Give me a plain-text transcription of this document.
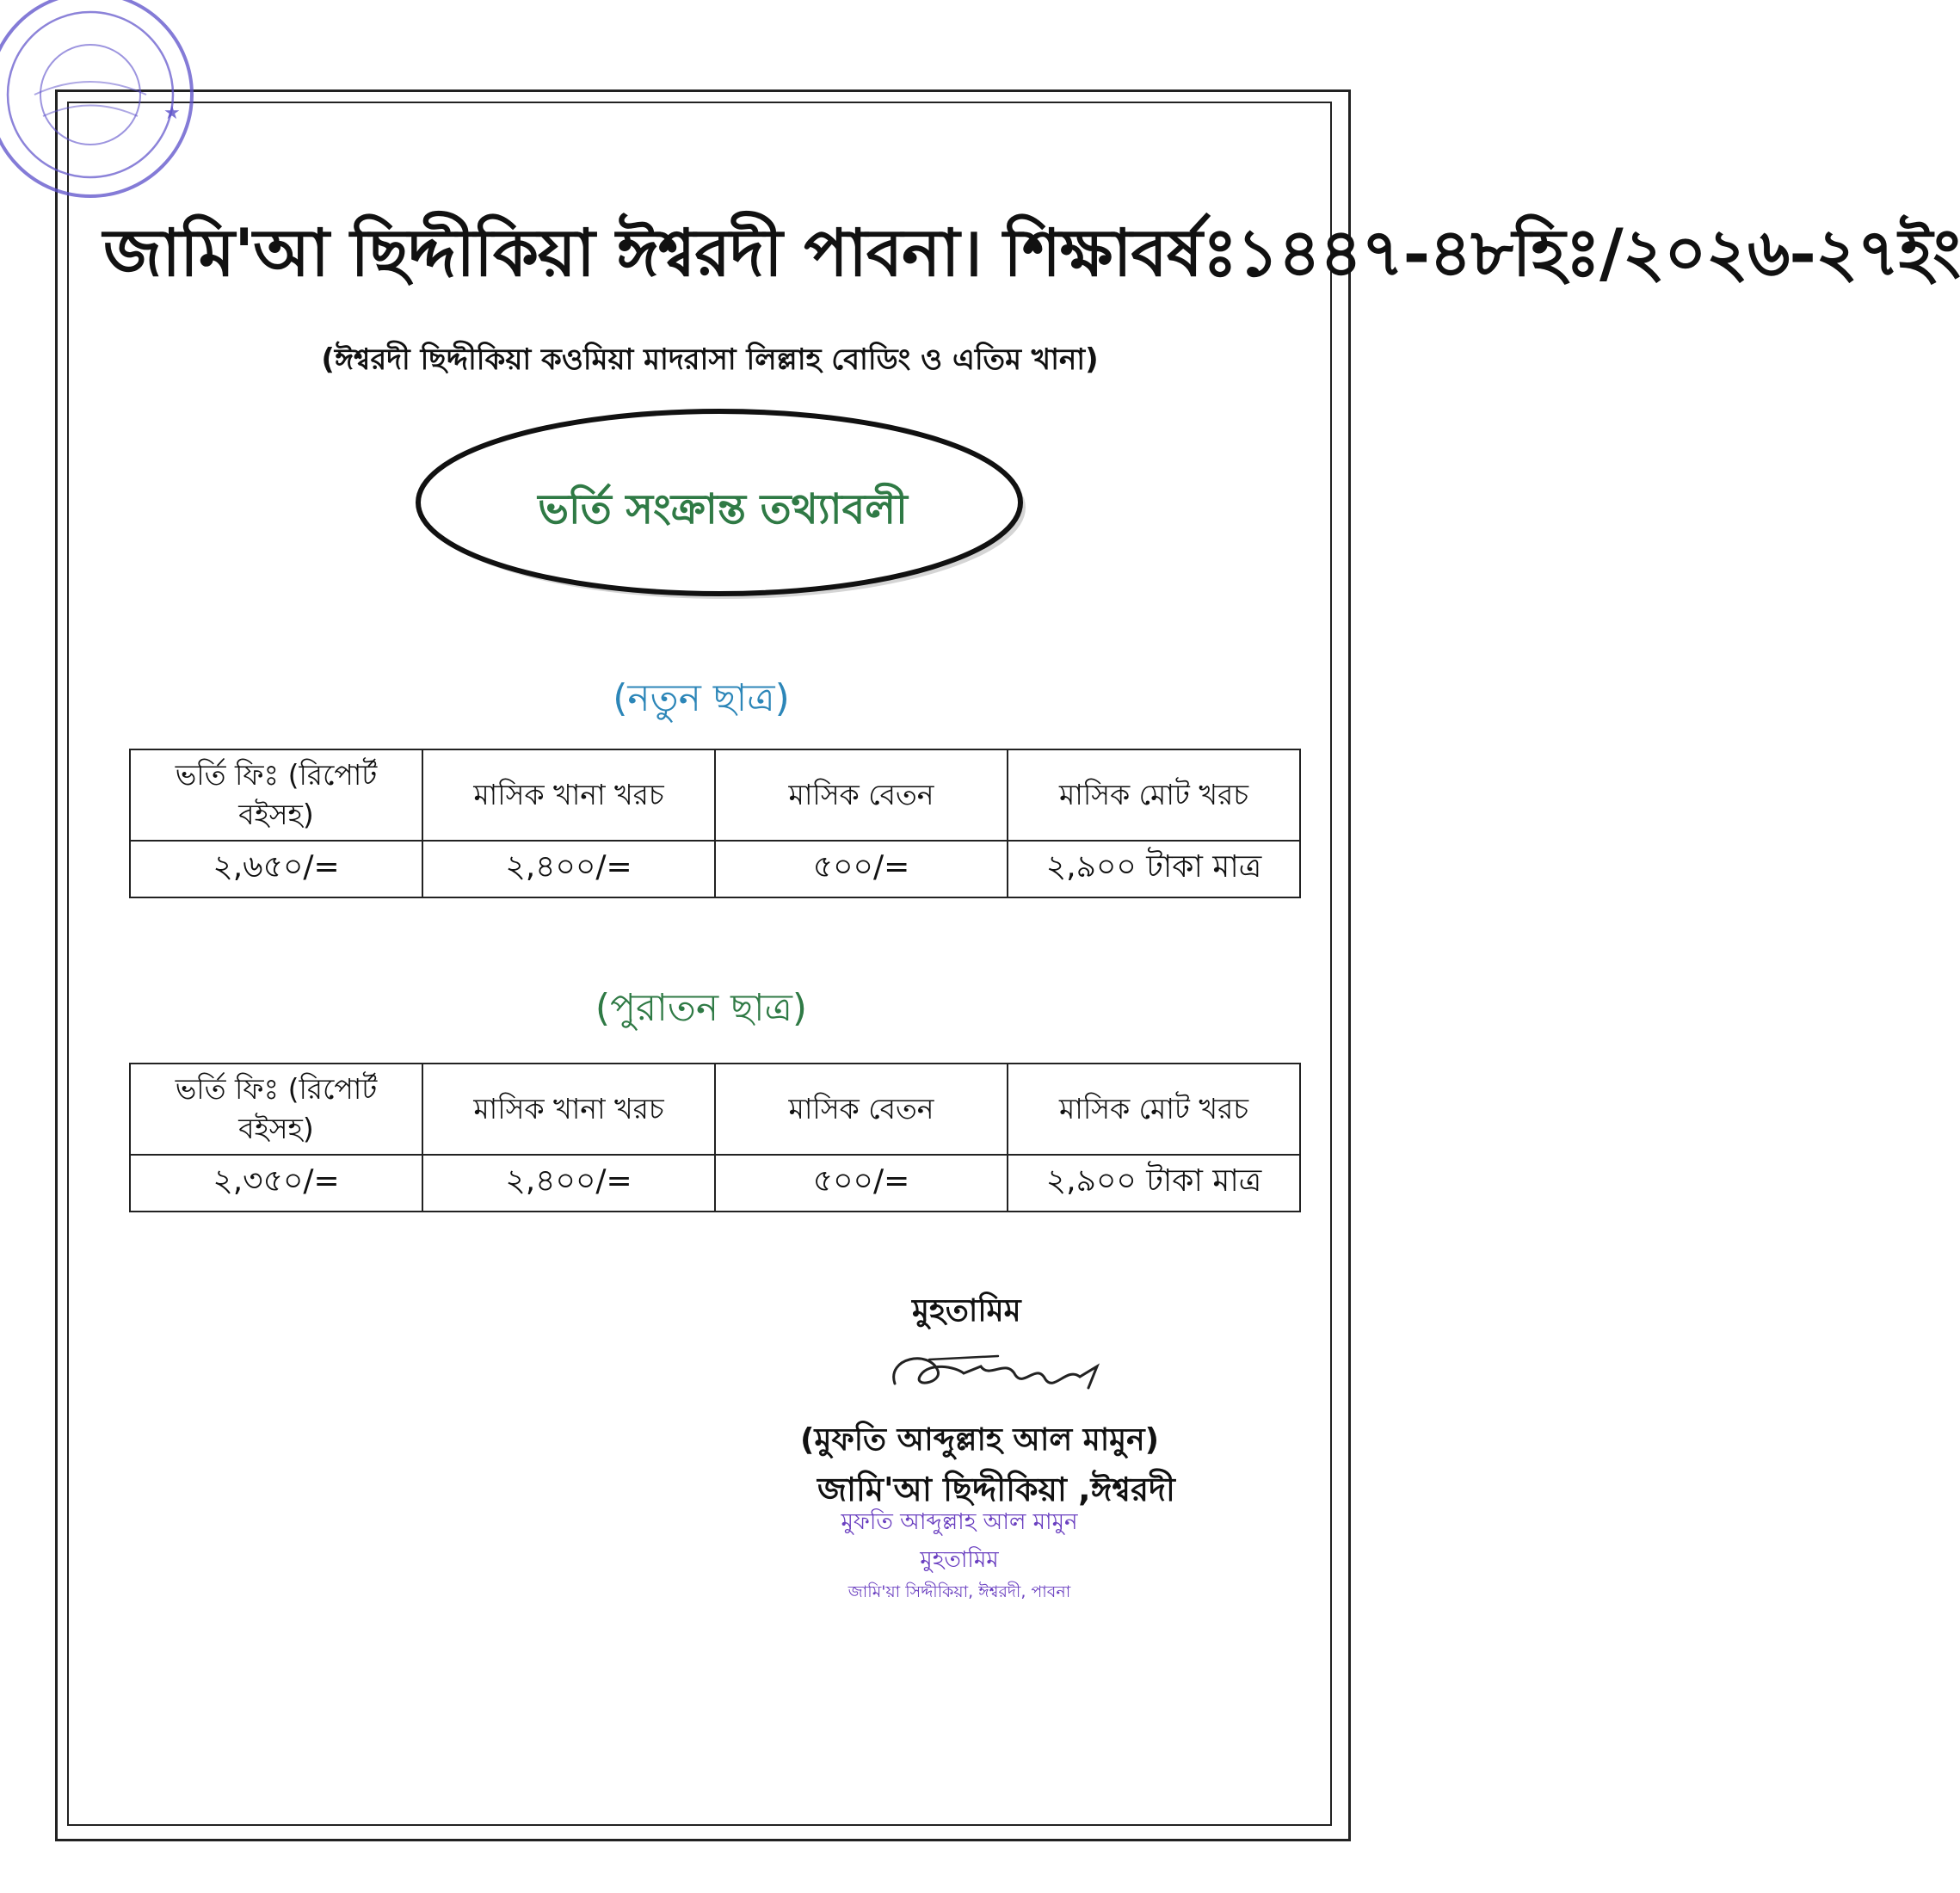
★
জামি'আ ছিদ্দীকিয়া ঈশ্বরদী পাবনা। শিক্ষাবর্ষঃ১৪৪৭-৪৮হিঃ/২০২৬-২৭ইং
(ঈশ্বরদী ছিদ্দীকিয়া কওমিয়া মাদরাসা লিল্লাহ বোডিং ও এতিম খানা)
ভর্তি সংক্রান্ত তথ্যাবলী
(নতুন ছাত্র)
ভর্তি ফিঃ (রিপোর্ট বইসহ)	মাসিক খানা খরচ	মাসিক বেতন	মাসিক মোট খরচ
২,৬৫০/=	২,৪০০/=	৫০০/=	২,৯০০ টাকা মাত্র
(পুরাতন ছাত্র)
ভর্তি ফিঃ (রিপোর্ট বইসহ)	মাসিক খানা খরচ	মাসিক বেতন	মাসিক মোট খরচ
২,৩৫০/=	২,৪০০/=	৫০০/=	২,৯০০ টাকা মাত্র
মুহতামিম
(মুফতি আব্দুল্লাহ আল মামুন)
জামি'আ ছিদ্দীকিয়া ,ঈশ্বরদী
মুফতি আব্দুল্লাহ আল মামুন
মুহতামিম
জামি'য়া সিদ্দীকিয়া, ঈশ্বরদী, পাবনা
